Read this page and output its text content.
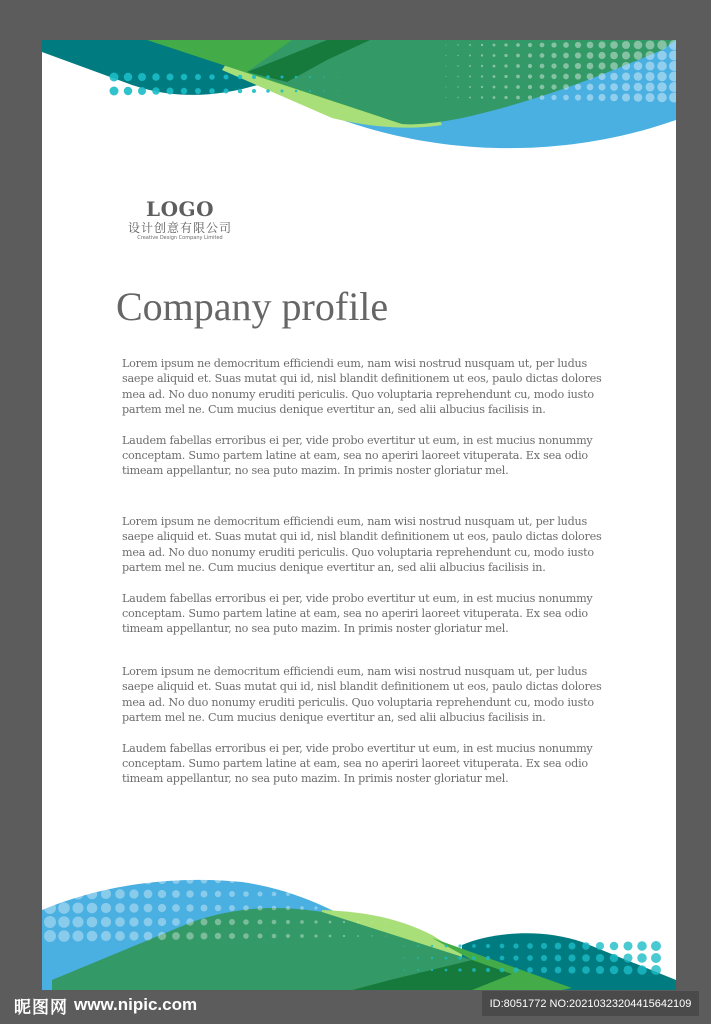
LOGO
设计创意有限公司
Creative Design Company Limited
Company profile

Lorem ipsum ne democritum efficiendi eum, nam wisi nostrud nusquam ut, per ludus saepe aliquid et. Suas mutat qui id, nisl blandit definitionem ut eos, paulo dictas dolores mea ad. No duo nonumy eruditi periculis. Quo voluptaria reprehendunt cu, modo iusto partem mel ne. Cum mucius denique evertitur an, sed alii albucius facilisis in.

Laudem fabellas erroribus ei per, vide probo evertitur ut eum, in est mucius nonummy conceptam. Sumo partem latine at eam, sea no aperiri laoreet vituperata. Ex sea odio timeam appellantur, no sea puto mazim. In primis noster gloriatur mel.

Lorem ipsum ne democritum efficiendi eum, nam wisi nostrud nusquam ut, per ludus saepe aliquid et. Suas mutat qui id, nisl blandit definitionem ut eos, paulo dictas dolores mea ad. No duo nonumy eruditi periculis. Quo voluptaria reprehendunt cu, modo iusto partem mel ne. Cum mucius denique evertitur an, sed alii albucius facilisis in.

Laudem fabellas erroribus ei per, vide probo evertitur ut eum, in est mucius nonummy conceptam. Sumo partem latine at eam, sea no aperiri laoreet vituperata. Ex sea odio timeam appellantur, no sea puto mazim. In primis noster gloriatur mel.

Lorem ipsum ne democritum efficiendi eum, nam wisi nostrud nusquam ut, per ludus saepe aliquid et. Suas mutat qui id, nisl blandit definitionem ut eos, paulo dictas dolores mea ad. No duo nonumy eruditi periculis. Quo voluptaria reprehendunt cu, modo iusto partem mel ne. Cum mucius denique evertitur an, sed alii albucius facilisis in.

Laudem fabellas erroribus ei per, vide probo evertitur ut eum, in est mucius nonummy conceptam. Sumo partem latine at eam, sea no aperiri laoreet vituperata. Ex sea odio timeam appellantur, no sea puto mazim. In primis noster gloriatur mel.

昵图网 www.nipic.com	ID:8051772 NO:20210323204415642109
